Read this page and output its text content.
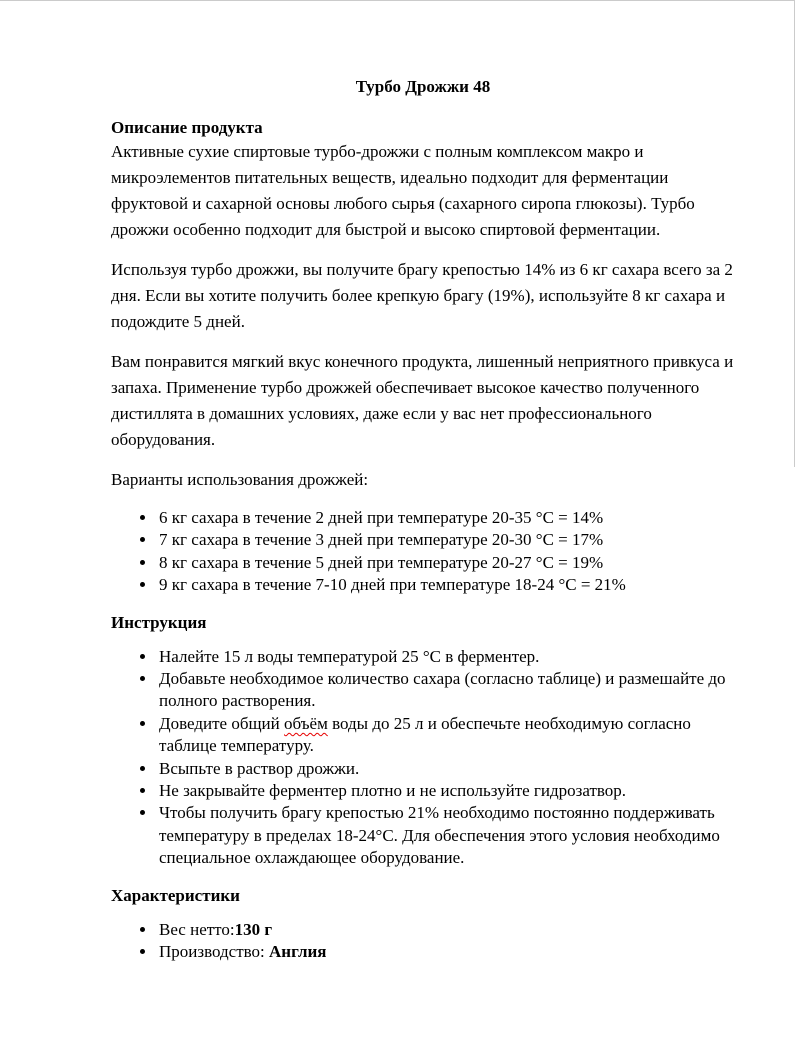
Турбо Дрожжи 48
Описание продукта

Активные сухие спиртовые турбо-дрожжи с полным комплексом макро и микроэлементов питательных веществ, идеально подходит для ферментации фруктовой и сахарной основы любого сырья (сахарного сиропа глюкозы). Турбо дрожжи особенно подходит для быстрой и высоко спиртовой ферментации.

Используя турбо дрожжи, вы получите брагу крепостью 14% из 6 кг сахара всего за 2 дня. Если вы хотите получить более крепкую брагу (19%), используйте 8 кг сахара и подождите 5 дней.

Вам понравится мягкий вкус конечного продукта, лишенный неприятного привкуса и запаха. Применение турбо дрожжей обеспечивает высокое качество полученного дистиллята в домашних условиях, даже если у вас нет профессионального оборудования.

Варианты использования дрожжей:

• 6 кг сахара в течение 2 дней при температуре 20-35 °C = 14%
• 7 кг сахара в течение 3 дней при температуре 20-30 °C = 17%
• 8 кг сахара в течение 5 дней при температуре 20-27 °C = 19%
• 9 кг сахара в течение 7-10 дней при температуре 18-24 °C = 21%
Инструкция
• Налейте 15 л воды температурой 25 °C в ферментер.
• Добавьте необходимое количество сахара (согласно таблице) и размешайте до полного растворения.
• Доведите общий объём воды до 25 л и обеспечьте необходимую согласно таблице температуру.
• Всыпьте в раствор дрожжи.
• Не закрывайте ферментер плотно и не используйте гидрозатвор.
• Чтобы получить брагу крепостью 21% необходимо постоянно поддерживать температуру в пределах 18-24°C. Для обеспечения этого условия необходимо специальное охлаждающее оборудование.
Характеристики
• Вес нетто:130 г
• Производство: Англия
